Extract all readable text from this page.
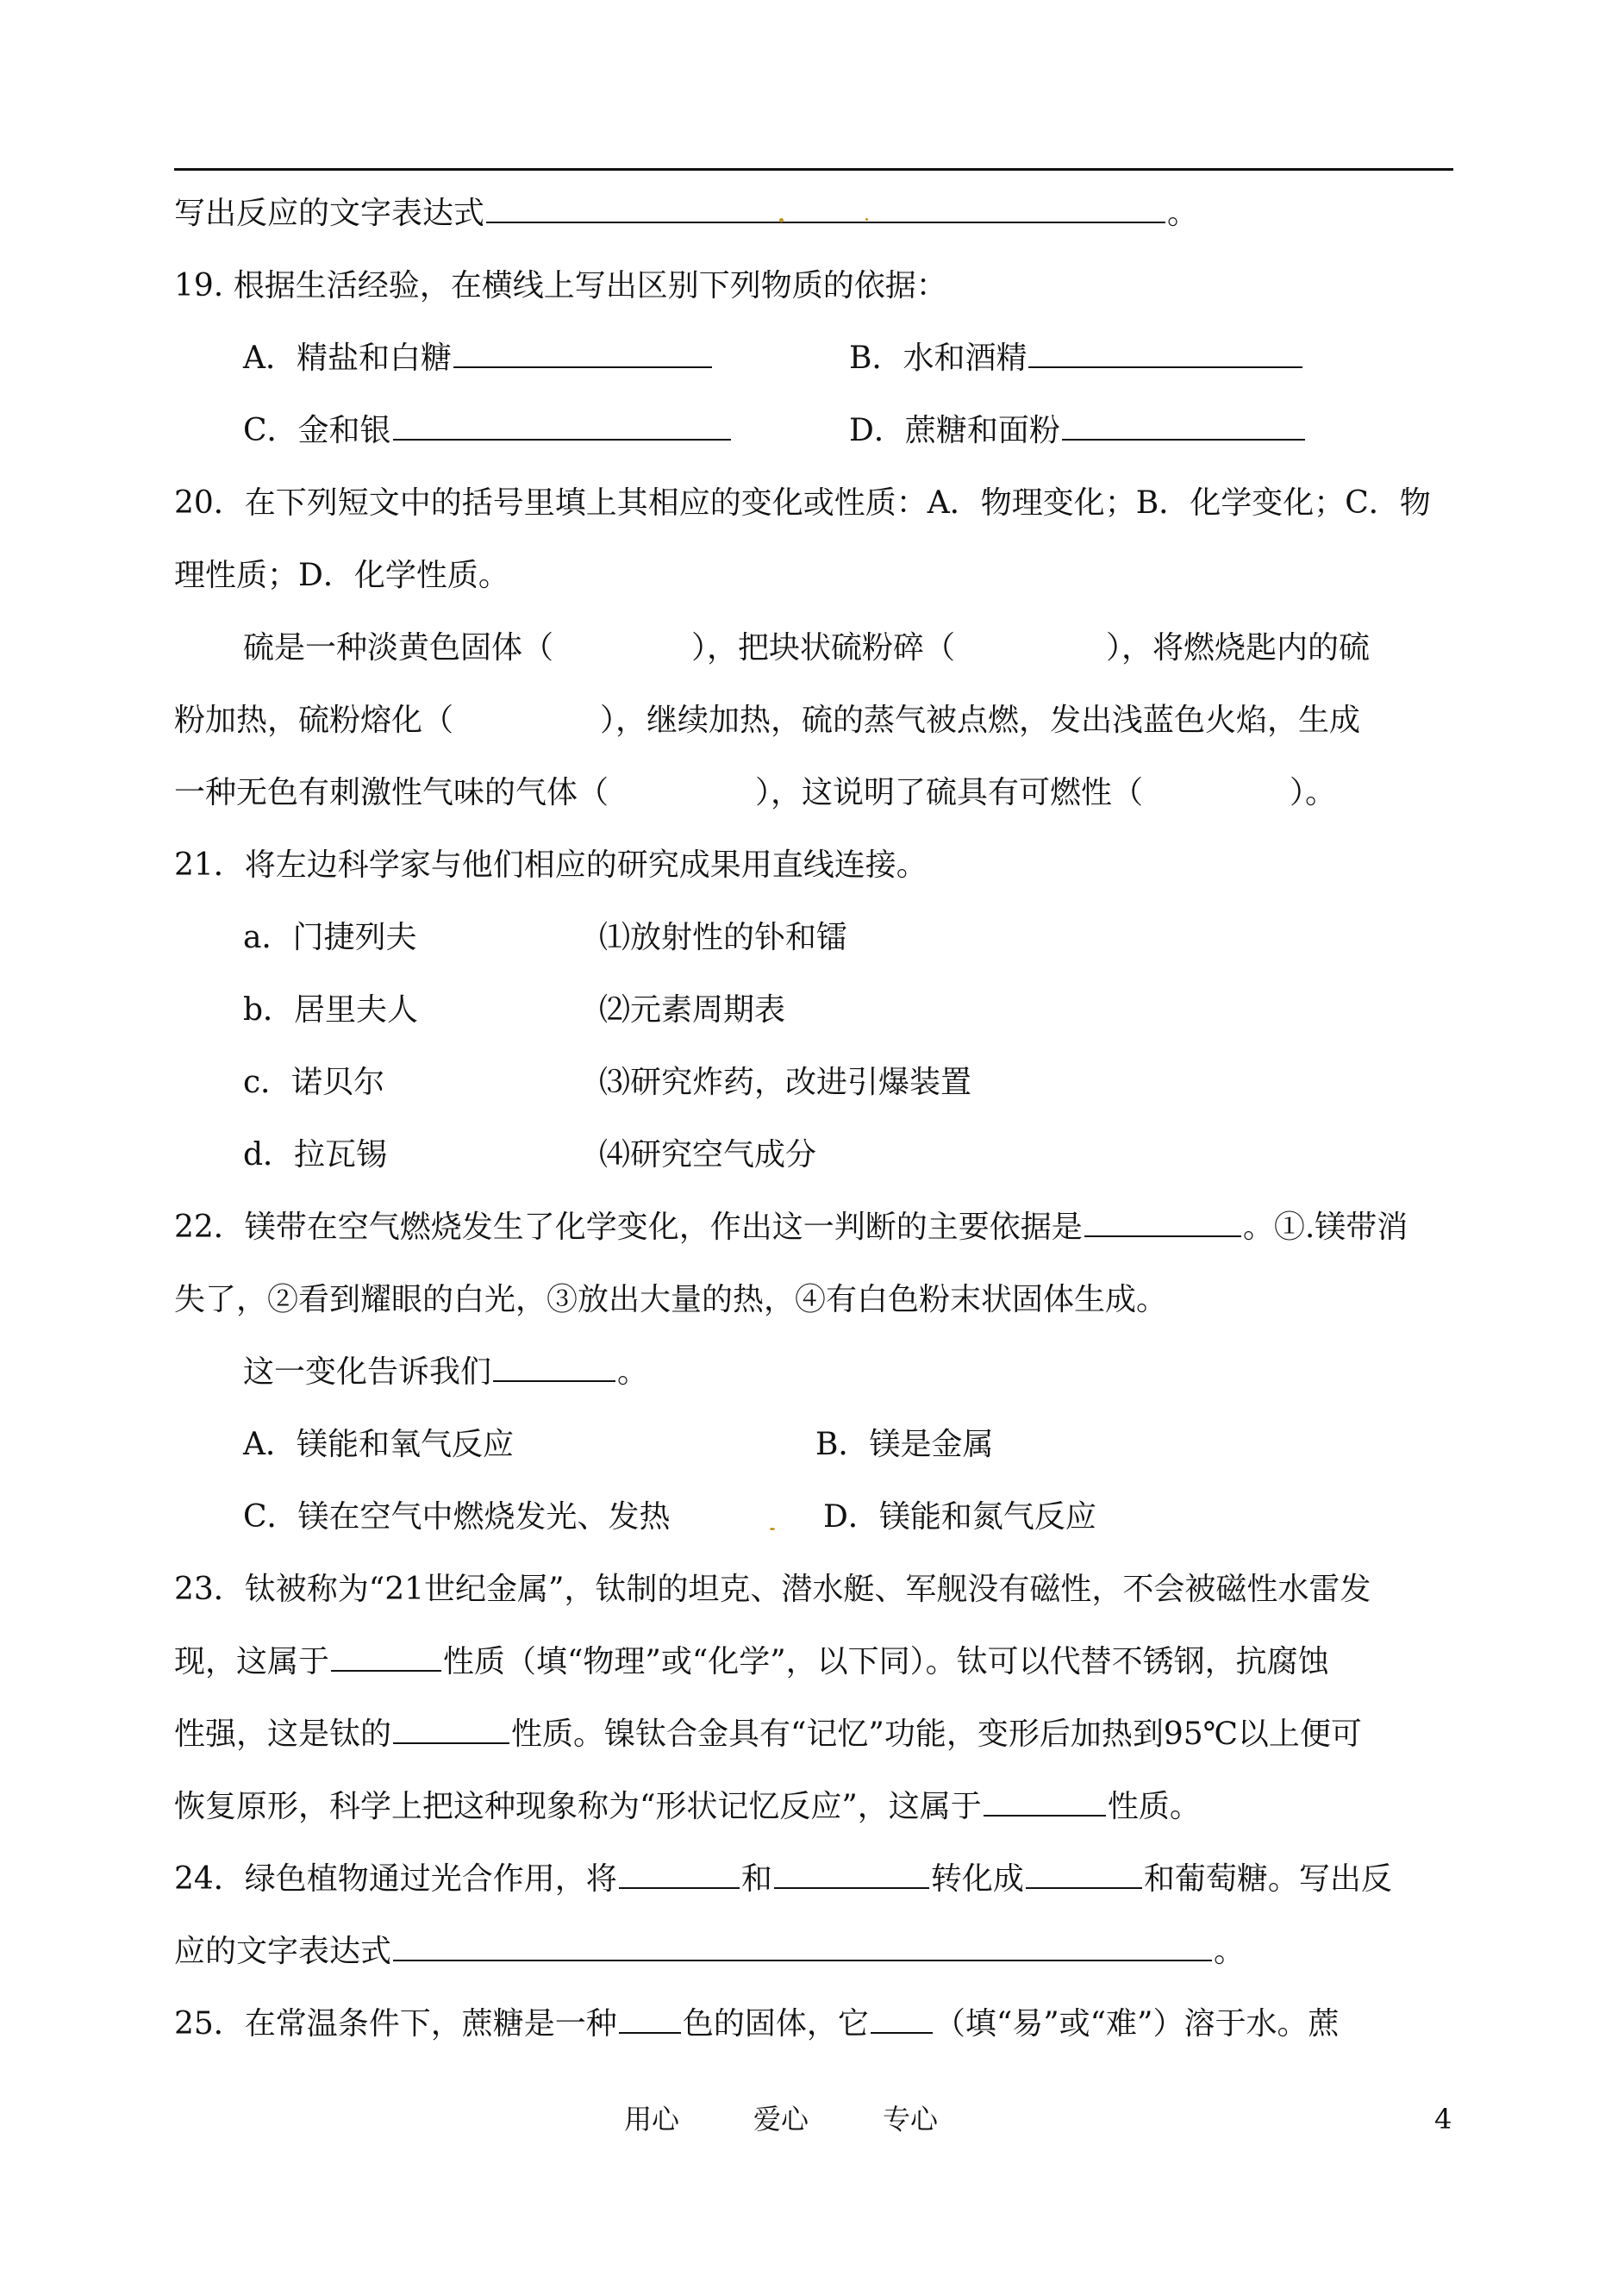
写出反应的文字表达式	。
19. 根据生活经验，在横线上写出区别下列物质的依据：
A．精盐和白糖	B．水和酒精
C．金和银	D．蔗糖和面粉
20．在下列短文中的括号里填上其相应的变化或性质：A．物理变化；B．化学变化；C．物
理性质；D．化学性质。
硫是一种淡黄色固体（	），把块状硫粉碎（	），将燃烧匙内的硫
粉加热，硫粉熔化（	），继续加热，硫的蒸气被点燃，发出浅蓝色火焰，生成
一种无色有刺激性气味的气体（	），这说明了硫具有可燃性（	）。
21．将左边科学家与他们相应的研究成果用直线连接。
a．门捷列夫	⑴放射性的钋和镭
b．居里夫人	⑵元素周期表
c．诺贝尔	⑶研究炸药，改进引爆装置
d．拉瓦锡	⑷研究空气成分
22．镁带在空气燃烧发生了化学变化，作出这一判断的主要依据是	。①.镁带消
失了，②看到耀眼的白光，③放出大量的热，④有白色粉末状固体生成。
这一变化告诉我们	。
A．镁能和氧气反应	B．镁是金属
C．镁在空气中燃烧发光、发热	D．镁能和氮气反应
23．钛被称为“21世纪金属”，钛制的坦克、潜水艇、军舰没有磁性，不会被磁性水雷发
现，这属于	性质（填“物理”或“化学”，以下同）。钛可以代替不锈钢，抗腐蚀
性强，这是钛的	性质。镍钛合金具有“记忆”功能，变形后加热到95℃以上便可
恢复原形，科学上把这种现象称为“形状记忆反应”，这属于	性质。
24．绿色植物通过光合作用，将	和	转化成	和葡萄糖。写出反
应的文字表达式	。
25．在常温条件下，蔗糖是一种 色的固体，它 （填“易”或“难”）溶于水。蔗
用心	爱心	专心	4
